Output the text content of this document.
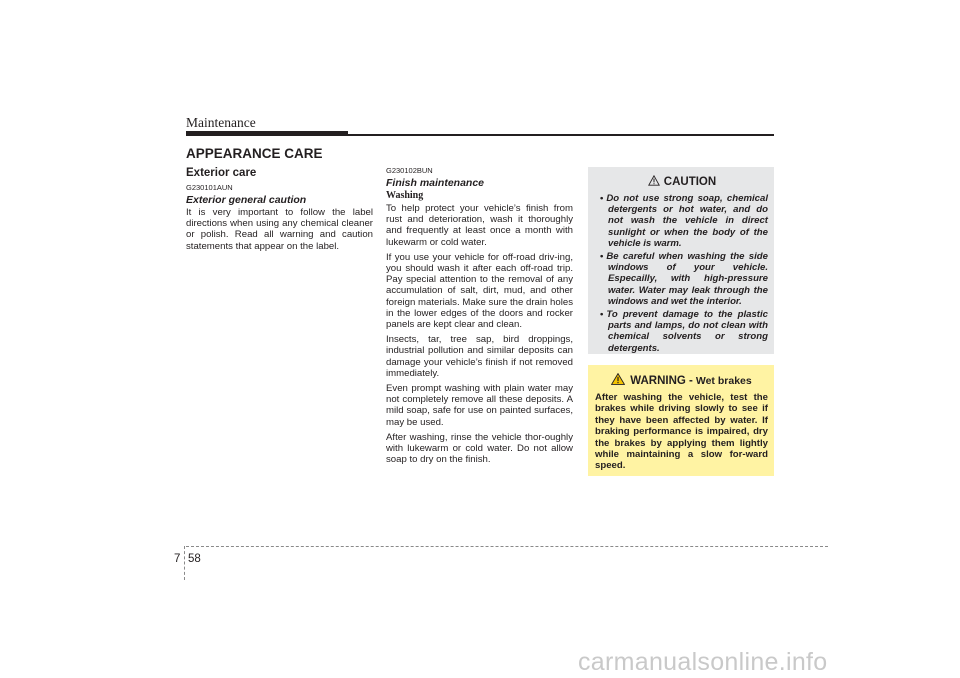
Maintenance
APPEARANCE CARE
Exterior care
G230101AUN
Exterior general caution

It is very important to follow the label directions when using any chemical cleaner or polish. Read all warning and caution statements that appear on the label.

G230102BUN
Finish maintenance
Washing

To help protect your vehicle’s finish from rust and deterioration, wash it thoroughly and frequently at least once a month with lukewarm or cold water.

If you use your vehicle for off-road driv-ing, you should wash it after each off-road trip. Pay special attention to the removal of any accumulation of salt, dirt, mud, and other foreign materials. Make sure the drain holes in the lower edges of the doors and rocker panels are kept clear and clean.

Insects, tar, tree sap, bird droppings, industrial pollution and similar deposits can damage your vehicle’s finish if not removed immediately.

Even prompt washing with plain water may not completely remove all these deposits. A mild soap, safe for use on painted surfaces, may be used.

After washing, rinse the vehicle thor-oughly with lukewarm or cold water. Do not allow soap to dry on the finish.

CAUTION
• Do not use strong soap, chemical detergents or hot water, and do not wash the vehicle in direct sunlight or when the body of the vehicle is warm.
• Be careful when washing the side windows of your vehicle. Especailly, with high-pressure water. Water may leak through the windows and wet the interior.
• To prevent damage to the plastic parts and lamps, do not clean with chemical solvents or strong detergents.
WARNING - Wet brakes

After washing the vehicle, test the brakes while driving slowly to see if they have been affected by water. If braking performance is impaired, dry the brakes by applying them lightly while maintaining a slow for-ward speed.

7 58
carmanualsonline.info
